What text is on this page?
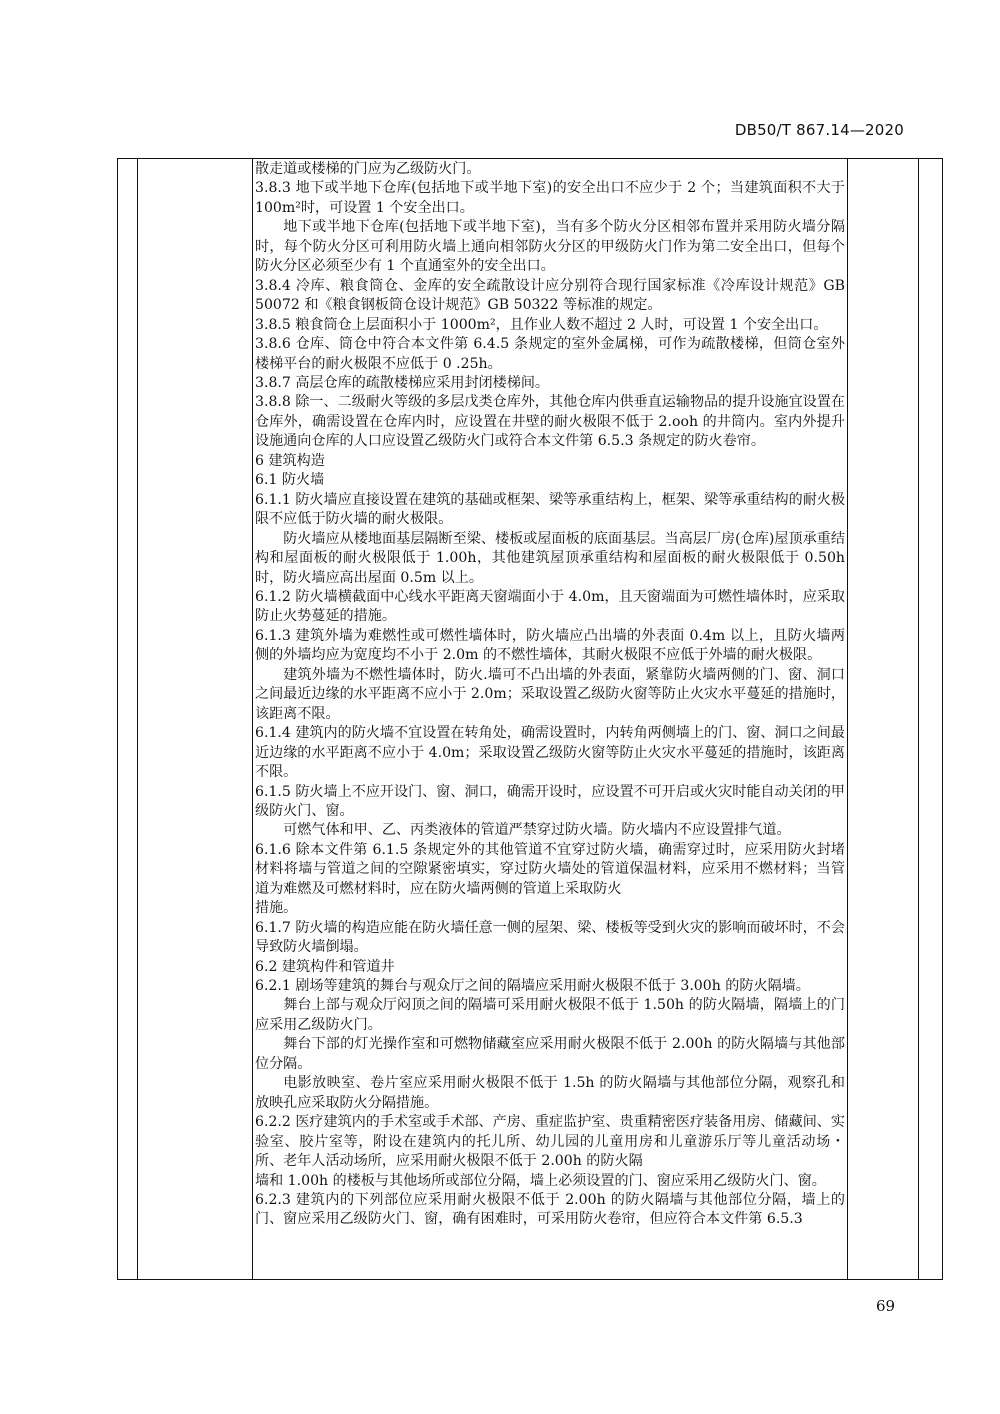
DB50/T 867.14—2020

散走道或楼梯的门应为乙级防火门。

3.8.3 地下或半地下仓库(包括地下或半地下室)的安全出口不应少于 2 个；当建筑面积不大于 100m²时，可设置 1 个安全出口。

地下或半地下仓库(包括地下或半地下室)，当有多个防火分区相邻布置并采用防火墙分隔时，每个防火分区可利用防火墙上通向相邻防火分区的甲级防火门作为第二安全出口，但每个防火分区必须至少有 1 个直通室外的安全出口。

3.8.4 冷库、粮食筒仓、金库的安全疏散设计应分别符合现行国家标准《冷库设计规范》GB 50072 和《粮食钢板筒仓设计规范》GB 50322 等标准的规定。

3.8.5 粮食筒仓上层面积小于 1000m²，且作业人数不超过 2 人时，可设置 1 个安全出口。

3.8.6 仓库、筒仓中符合本文件第 6.4.5 条规定的室外金属梯，可作为疏散楼梯，但筒仓室外楼梯平台的耐火极限不应低于 0 .25h。

3.8.7 高层仓库的疏散楼梯应采用封闭楼梯间。

3.8.8 除一、二级耐火等级的多层戊类仓库外，其他仓库内供垂直运输物品的提升设施宜设置在仓库外，确需设置在仓库内时，应设置在井壁的耐火极限不低于 2.ooh 的井筒内。室内外提升设施通向仓库的人口应设置乙级防火门或符合本文件第 6.5.3 条规定的防火卷帘。

6 建筑构造

6.1 防火墙

6.1.1 防火墙应直接设置在建筑的基础或框架、梁等承重结构上，框架、梁等承重结构的耐火极限不应低于防火墙的耐火极限。

防火墙应从楼地面基层隔断至梁、楼板或屋面板的底面基层。当高层厂房(仓库)屋顶承重结构和屋面板的耐火极限低于 1.00h，其他建筑屋顶承重结构和屋面板的耐火极限低于 0.50h 时，防火墙应高出屋面 0.5m 以上。

6.1.2 防火墙横截面中心线水平距离天窗端面小于 4.0m，且天窗端面为可燃性墙体时，应采取防止火势蔓延的措施。

6.1.3 建筑外墙为难燃性或可燃性墙体时，防火墙应凸出墙的外表面 0.4m 以上，且防火墙两侧的外墙均应为宽度均不小于 2.0m 的不燃性墙体，其耐火极限不应低于外墙的耐火极限。

建筑外墙为不燃性墙体时，防火.墙可不凸出墙的外表面，紧靠防火墙两侧的门、窗、洞口之间最近边缘的水平距离不应小于 2.0m；采取设置乙级防火窗等防止火灾水平蔓延的措施时，该距离不限。

6.1.4 建筑内的防火墙不宜设置在转角处，确需设置时，内转角两侧墙上的门、窗、洞口之间最近边缘的水平距离不应小于 4.0m；采取设置乙级防火窗等防止火灾水平蔓延的措施时，该距离不限。

6.1.5 防火墙上不应开设门、窗、洞口，确需开设时，应设置不可开启或火灾时能自动关闭的甲级防火门、窗。

可燃气体和甲、乙、丙类液体的管道严禁穿过防火墙。防火墙内不应设置排气道。

6.1.6 除本文件第 6.1.5 条规定外的其他管道不宜穿过防火墙，确需穿过时，应采用防火封堵材料将墙与管道之间的空隙紧密填实，穿过防火墙处的管道保温材料，应采用不燃材料；当管道为难燃及可燃材料时，应在防火墙两侧的管道上采取防火

措施。

6.1.7 防火墙的构造应能在防火墙任意一侧的屋架、梁、楼板等受到火灾的影响而破坏时，不会导致防火墙倒塌。

6.2 建筑构件和管道井

6.2.1 剧场等建筑的舞台与观众厅之间的隔墙应采用耐火极限不低于 3.00h 的防火隔墙。

舞台上部与观众厅闷顶之间的隔墙可采用耐火极限不低于 1.50h 的防火隔墙，隔墙上的门应采用乙级防火门。

舞台下部的灯光操作室和可燃物储藏室应采用耐火极限不低于 2.00h 的防火隔墙与其他部位分隔。

电影放映室、卷片室应采用耐火极限不低于 1.5h 的防火隔墙与其他部位分隔，观察孔和放映孔应采取防火分隔措施。

6.2.2 医疗建筑内的手术室或手术部、产房、重症监护室、贵重精密医疗装备用房、储藏间、实验室、胶片室等，附设在建筑内的托儿所、幼儿园的儿童用房和儿童游乐厅等儿童活动场・所、老年人活动场所，应采用耐火极限不低于 2.00h 的防火隔

墙和 1.00h 的楼板与其他场所或部位分隔，墙上必须设置的门、窗应采用乙级防火门、窗。

6.2.3 建筑内的下列部位应采用耐火极限不低于 2.00h 的防火隔墙与其他部位分隔，墙上的门、窗应采用乙级防火门、窗，确有困难时，可采用防火卷帘，但应符合本文件第 6.5.3

69
